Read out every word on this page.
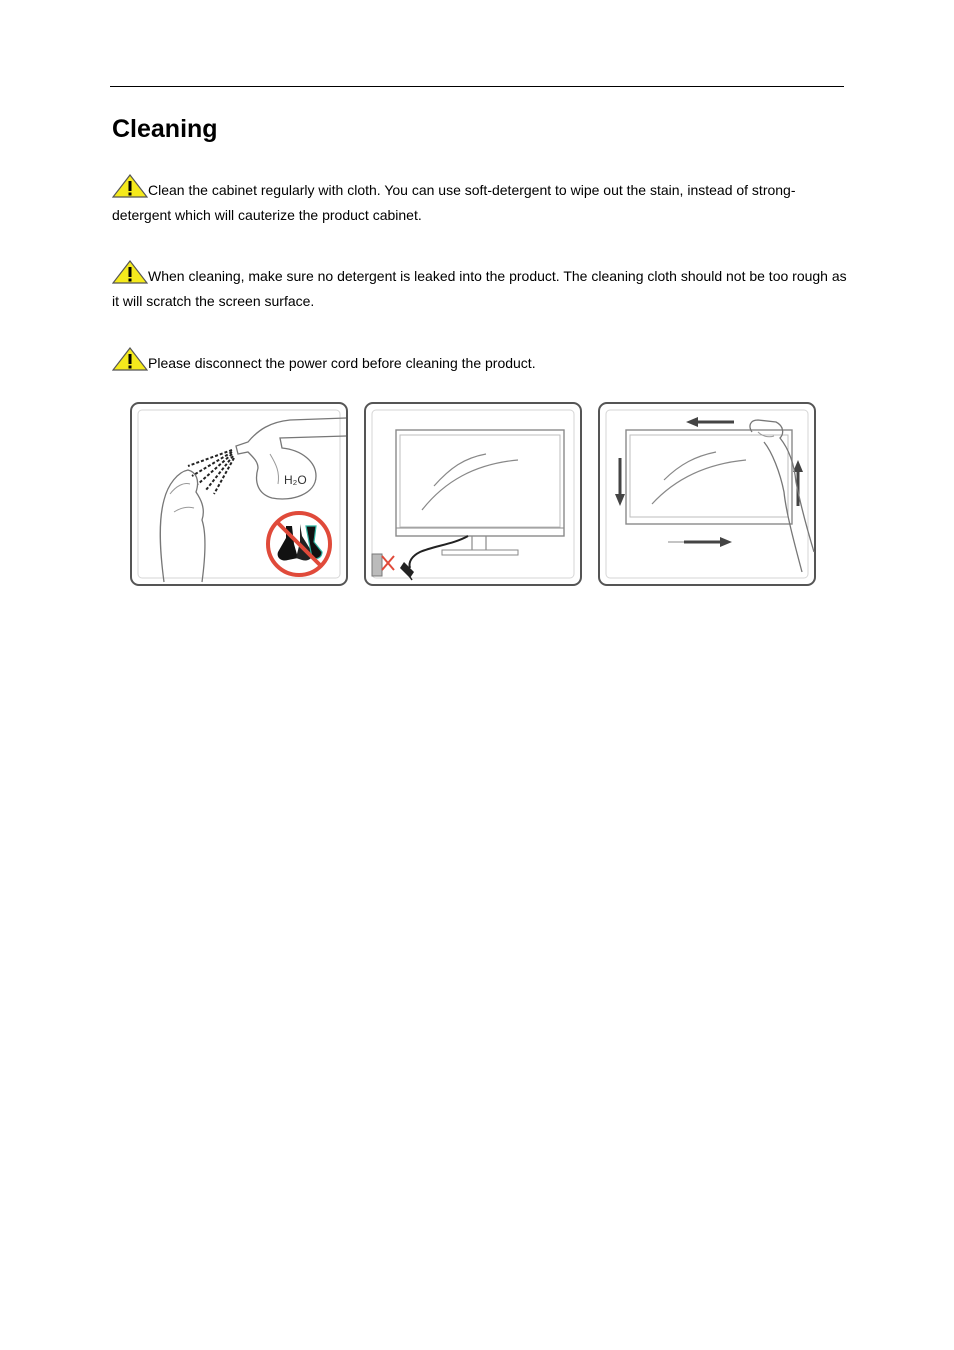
Cleaning
Clean the cabinet regularly with cloth. You can use soft-detergent to wipe out the stain, instead of strong-detergent which will cauterize the product cabinet.
When cleaning, make sure no detergent is leaked into the product. The cleaning cloth should not be too rough as it will scratch the screen surface.
Please disconnect the power cord before cleaning the product.
H₂O
